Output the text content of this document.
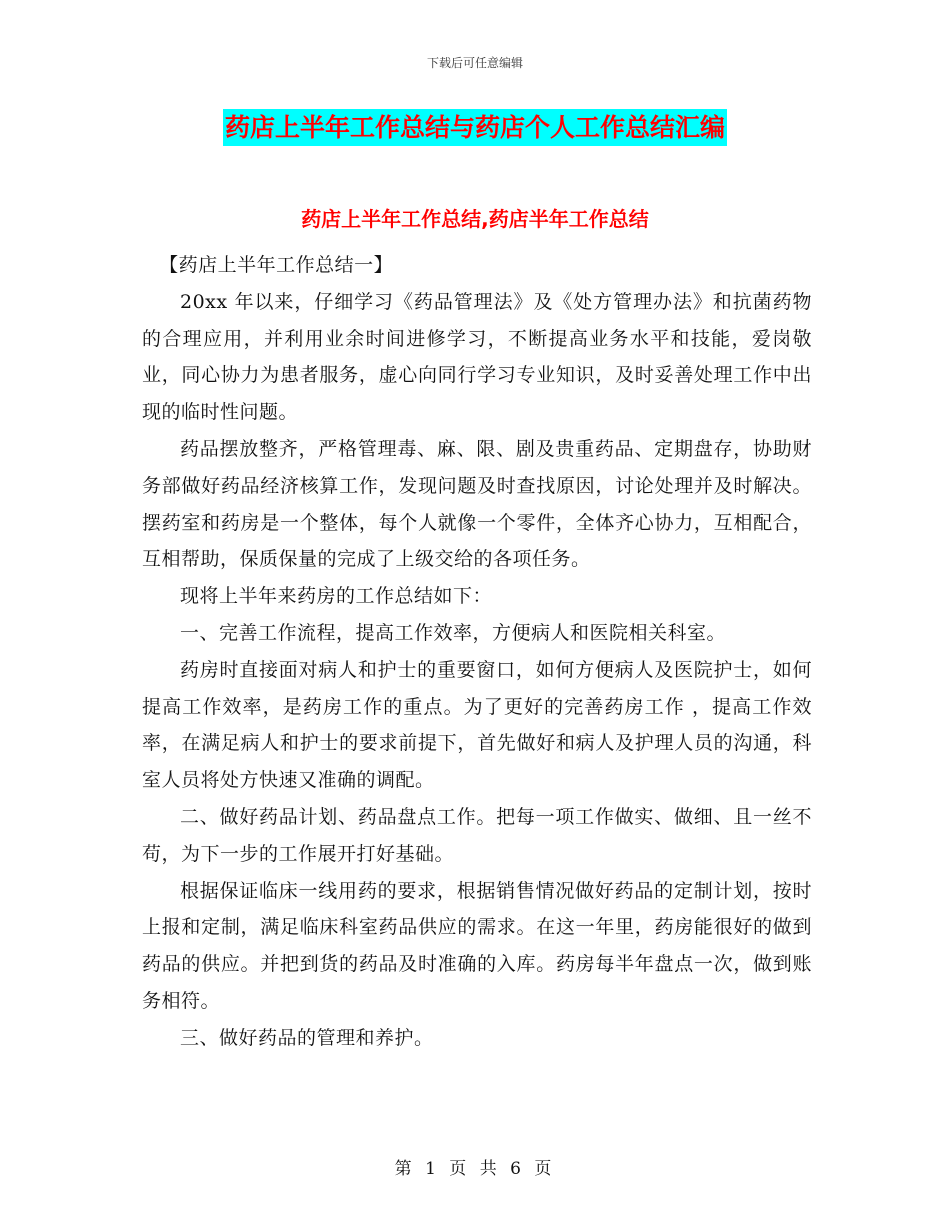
下载后可任意编辑
药店上半年工作总结与药店个人工作总结汇编
药店上半年工作总结,药店半年工作总结

【药店上半年工作总结一】

20xx 年以来，仔细学习《药品管理法》及《处方管理办法》和抗菌药物的合理应用，并利用业余时间进修学习，不断提高业务水平和技能，爱岗敬业，同心协力为患者服务，虚心向同行学习专业知识，及时妥善处理工作中出现的临时性问题。

药品摆放整齐，严格管理毒、麻、限、剧及贵重药品、定期盘存，协助财务部做好药品经济核算工作，发现问题及时查找原因，讨论处理并及时解决。摆药室和药房是一个整体，每个人就像一个零件，全体齐心协力，互相配合，互相帮助，保质保量的完成了上级交给的各项任务。

现将上半年来药房的工作总结如下：

一、完善工作流程，提高工作效率，方便病人和医院相关科室。

药房时直接面对病人和护士的重要窗口，如何方便病人及医院护士，如何提高工作效率，是药房工作的重点。为了更好的完善药房工作 ，提高工作效率，在满足病人和护士的要求前提下，首先做好和病人及护理人员的沟通，科室人员将处方快速又准确的调配。

二、做好药品计划、药品盘点工作。把每一项工作做实、做细、且一丝不苟，为下一步的工作展开打好基础。

根据保证临床一线用药的要求，根据销售情况做好药品的定制计划，按时上报和定制，满足临床科室药品供应的需求。在这一年里，药房能很好的做到药品的供应。并把到货的药品及时准确的入库。药房每半年盘点一次，做到账务相符。

三、做好药品的管理和养护。

第 1 页 共 6 页
